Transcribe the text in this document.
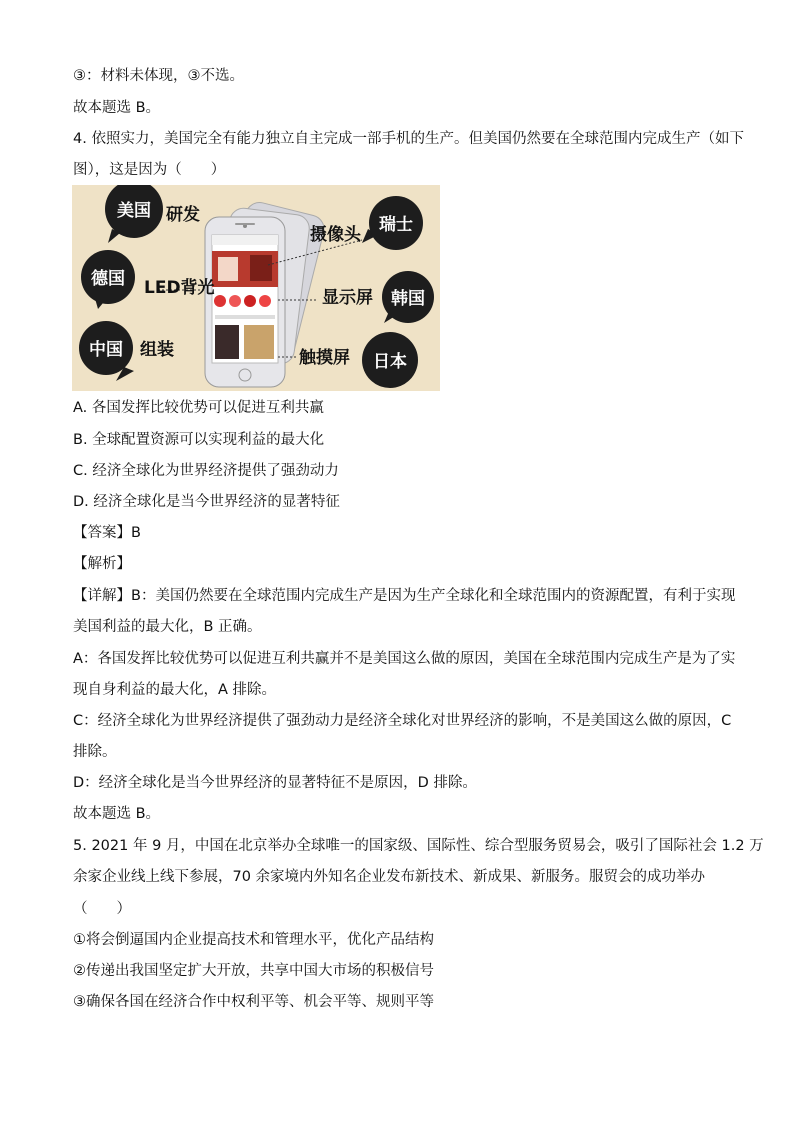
③：材料未体现，③不选。
故本题选 B。
4. 依照实力，美国完全有能力独立自主完成一部手机的生产。但美国仍然要在全球范围内完成生产（如下
图），这是因为（　　）
美国 研发
德国 LED背光
中国 组装
摄像头 瑞士
显示屏 韩国
触摸屏 日本
A. 各国发挥比较优势可以促进互利共赢
B. 全球配置资源可以实现利益的最大化
C. 经济全球化为世界经济提供了强劲动力
D. 经济全球化是当今世界经济的显著特征
【答案】B
【解析】
【详解】B：美国仍然要在全球范围内完成生产是因为生产全球化和全球范围内的资源配置，有利于实现
美国利益的最大化，B 正确。
A：各国发挥比较优势可以促进互利共赢并不是美国这么做的原因，美国在全球范围内完成生产是为了实
现自身利益的最大化，A 排除。
C：经济全球化为世界经济提供了强劲动力是经济全球化对世界经济的影响，不是美国这么做的原因，C
排除。
D：经济全球化是当今世界经济的显著特征不是原因，D 排除。
故本题选 B。
5. 2021 年 9 月，中国在北京举办全球唯一的国家级、国际性、综合型服务贸易会，吸引了国际社会 1.2 万
余家企业线上线下参展，70 余家境内外知名企业发布新技术、新成果、新服务。服贸会的成功举办
（　　）
①将会倒逼国内企业提高技术和管理水平，优化产品结构
②传递出我国坚定扩大开放，共享中国大市场的积极信号
③确保各国在经济合作中权利平等、机会平等、规则平等
